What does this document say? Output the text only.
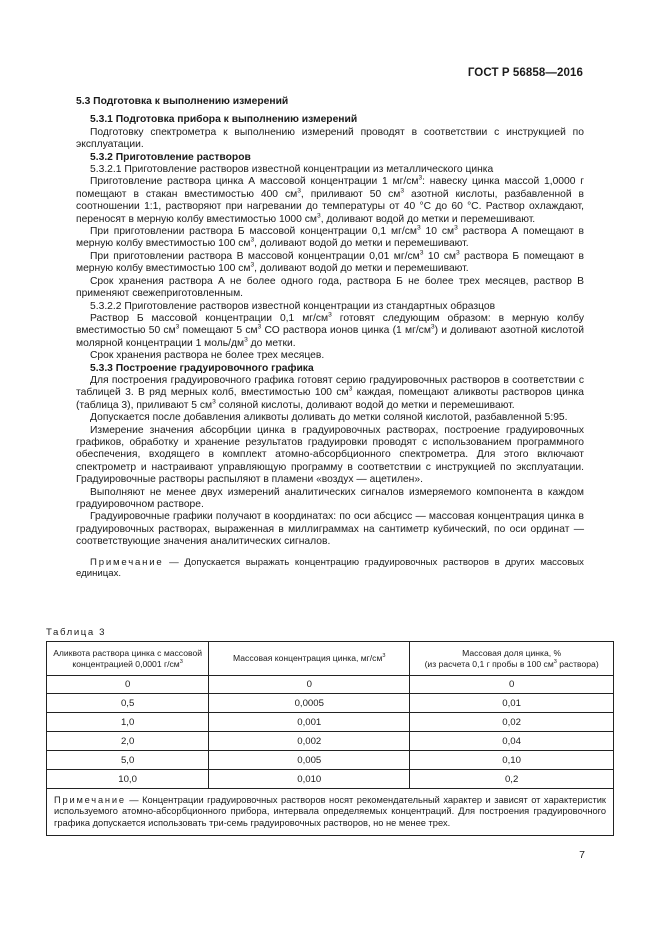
ГОСТ Р 56858—2016

5.3 Подготовка к выполнению измерений

5.3.1 Подготовка прибора к выполнению измерений

Подготовку спектрометра к выполнению измерений проводят в соответствии с инструкцией по эксплуатации.

5.3.2 Приготовление растворов

5.3.2.1 Приготовление растворов известной концентрации из металлического цинка

Приготовление раствора цинка А массовой концентрации 1 $мг/см^3$: навеску цинка массой 1,0000 г помещают в стакан вместимостью 400 $см^3$, приливают 50 $см^3$ азотной кислоты, разбавленной в соотношении 1:1, растворяют при нагревании до температуры от 40 °С до 60 °С. Раствор охлаждают, переносят в мерную колбу вместимостью 1000 $см^3$, доливают водой до метки и перемешивают.

При приготовлении раствора Б массовой концентрации 0,1 $мг/см^3$ 10 $см^3$ раствора А помещают в мерную колбу вместимостью 100 $см^3$, доливают водой до метки и перемешивают.

При приготовлении раствора В массовой концентрации 0,01 $мг/см^3$ 10 $см^3$ раствора Б помещают в мерную колбу вместимостью 100 $см^3$, доливают водой до метки и перемешивают.

Срок хранения раствора А не более одного года, раствора Б не более трех месяцев, раствор В применяют свежеприготовленным.

5.3.2.2 Приготовление растворов известной концентрации из стандартных образцов

Раствор Б массовой концентрации 0,1 $мг/см^3$ готовят следующим образом: в мерную колбу вместимостью 50 $см^3$ помещают 5 $см^3$ СО раствора ионов цинка (1 $мг/см^3$) и доливают азотной кислотой молярной концентрации 1 моль/$дм^3$ до метки.

Срок хранения раствора не более трех месяцев.

5.3.3 Построение градуировочного графика

Для построения градуировочного графика готовят серию градуировочных растворов в соответствии с таблицей 3. В ряд мерных колб, вместимостью 100 $см^3$ каждая, помещают аликвоты растворов цинка (таблица 3), приливают 5 $см^3$ соляной кислоты, доливают водой до метки и перемешивают.

Допускается после добавления аликвоты доливать до метки соляной кислотой, разбавленной 5:95.

Измерение значения абсорбции цинка в градуировочных растворах, построение градуировочных графиков, обработку и хранение результатов градуировки проводят с использованием программного обеспечения, входящего в комплект атомно-абсорбционного спектрометра. Для этого включают спектрометр и настраивают управляющую программу в соответствии с инструкцией по эксплуатации. Градуировочные растворы распыляют в пламени «воздух — ацетилен».

Выполняют не менее двух измерений аналитических сигналов измеряемого компонента в каждом градуировочном растворе.

Градуировочные графики получают в координатах: по оси абсцисс — массовая концентрация цинка в градуировочных растворах, выраженная в миллиграммах на сантиметр кубический, по оси ординат — соответствующие значения аналитических сигналов.

Примечание — Допускается выражать концентрацию градуировочных растворов в других массовых единицах.

Таблица 3
Аликвота раствора цинка с массовой концентрацией 0,0001 $г/см^3$	Массовая концентрация цинка, $мг/см^3$	Массовая доля цинка, %
(из расчета 0,1 г пробы в 100 $см^3$ раствора)
0	0	0
0,5	0,0005	0,01
1,0	0,001	0,02
2,0	0,002	0,04
5,0	0,005	0,10
10,0	0,010	0,2
Примечание — Концентрации градуировочных растворов носят рекомендательный характер и зависят от характеристик используемого атомно-абсорбционного прибора, интервала определяемых концентраций. Для построения градуировочного графика допускается использовать три-семь градуировочных растворов, но не менее трех.		
7
